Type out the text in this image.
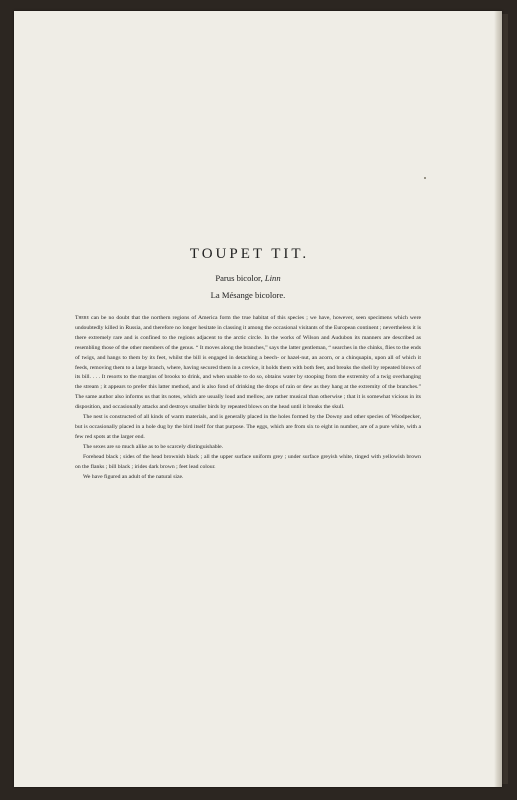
TOUPET TIT.
Parus bicolor, Linn
La Mésange bicolore.

There can be no doubt that the northern regions of America form the true habitat of this species ; we have, however, seen specimens which were undoubtedly killed in Russia, and therefore no longer hesitate in classing it among the occasional visitants of the European continent ; nevertheless it is there extremely rare and is confined to the regions adjacent to the arctic circle. In the works of Wilson and Audubon its manners are described as resembling those of the other members of the genus. “ It moves along the branches,” says the latter gentleman, “ searches in the chinks, flies to the ends of twigs, and hangs to them by its feet, whilst the bill is engaged in detaching a beech- or hazel-nut, an acorn, or a chinquapin, upon all of which it feeds, removing them to a large branch, where, having secured them in a crevice, it holds them with both feet, and breaks the shell by repeated blows of its bill. . . . It resorts to the margins of brooks to drink, and when unable to do so, obtains water by stooping from the extremity of a twig overhanging the stream ; it appears to prefer this latter method, and is also fond of drinking the drops of rain or dew as they hang at the extremity of the branches.” The same author also informs us that its notes, which are usually loud and mellow, are rather musical than otherwise ; that it is somewhat vicious in its disposition, and occasionally attacks and destroys smaller birds by repeated blows on the head until it breaks the skull.

The nest is constructed of all kinds of warm materials, and is generally placed in the holes formed by the Downy and other species of Woodpecker, but is occasionally placed in a hole dug by the bird itself for that purpose. The eggs, which are from six to eight in number, are of a pure white, with a few red spots at the larger end.

The sexes are so much alike as to be scarcely distinguishable.

Forehead black ; sides of the head brownish black ; all the upper surface uniform grey ; under surface greyish white, tinged with yellowish brown on the flanks ; bill black ; irides dark brown ; feet lead colour.

We have figured an adult of the natural size.
